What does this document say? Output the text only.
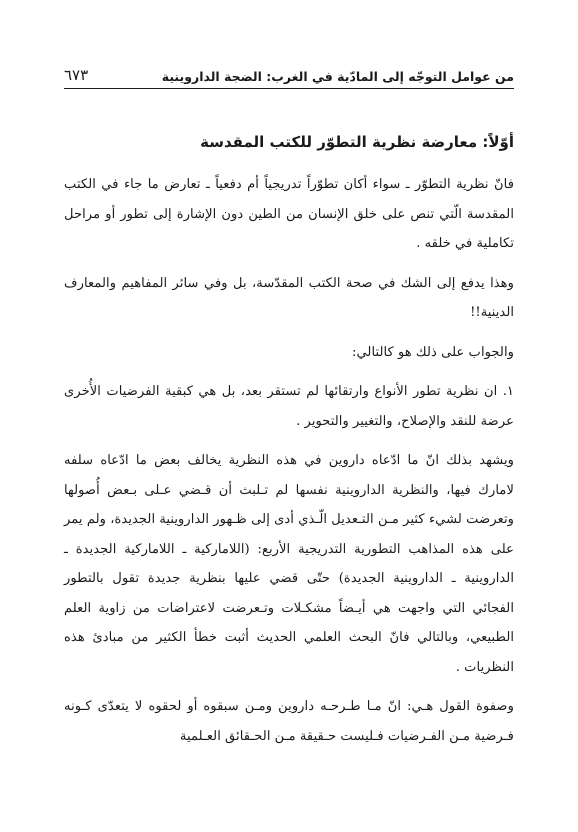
من عوامل التوجّه إلى المادّية في الغرب: الضجة الداروينية
٦٧٣
أوّلاً: معارضة نظرية التطوّر للكتب المقدسة

فانّ نظرية التطوّر ـ سواء أكان تطوّراً تدريجياً أم دفعياً ـ تعارض ما جاء في الكتب المقدسة الّتي تنص على خلق الإنسان من الطين دون الإشارة إلى تطور أو مراحل تكاملية في خلقه .

وهذا يدفع إلى الشك في صحة الكتب المقدّسة، بل وفي سائر المفاهيم والمعارف الدينية!!

والجواب على ذلك هو كالتالي:

١. ان نظرية تطور الأنواع وارتقائها لم تستقر بعد، بل هي كبقية الفرضيات الأُخرى عرضة للنقد والإصلاح، والتغيير والتحوير .

ويشهد بذلك انّ ما ادّعاه داروين في هذه النظرية يخالف بعض ما ادّعاه سلفه لامارك فيها، والنظرية الداروينية نفسها لم تـلبث أن قـضي عـلى بـعض أُصولها وتعرضت لشيء كثير مـن التـعديل الّـذي أدى إلى ظـهور الداروينية الجديدة، ولم يمر على هذه المذاهب التطورية التدريجية الأربع: (اللاماركية ـ اللاماركية الجديدة ـ الداروينية ـ الداروينية الجديدة) حتّى قضي عليها بنظرية جديدة تقول بالتطور الفجائي التي واجهت هي أيـضاً مشكـلات وتـعرضت لاعتراضات من زاوية العلم الطبيعي، وبالتالي فانّ البحث العلمي الحديث أثبت خطأ الكثير من مبادئ هذه النظريات .

وصفوة القول هـي: انّ مـا طـرحـه داروين ومـن سبقوه أو لحقوه لا يتعدّى كـونه فـرضية مـن الفـرضيات فـليست حـقيقة مـن الحـقائق العـلمية
